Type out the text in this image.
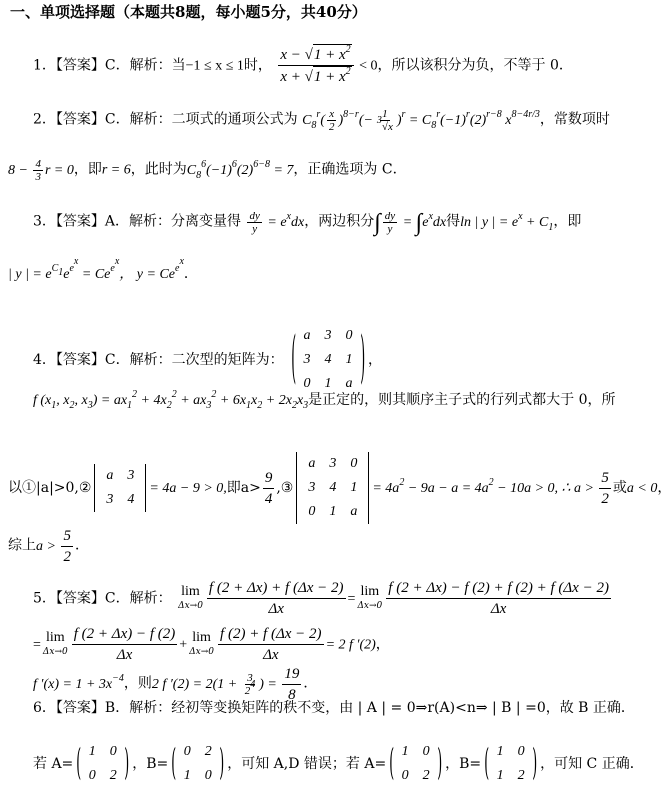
一、单项选择题（本题共8题，每小题5分，共40分）
1．【答案】C．解析：当−1 ≤ x ≤ 1时， $\frac{x - √1 + x^2}{x + √1 + x^2} < 0$，所以该积分为负，不等于 0．
2．【答案】C．解析：二项式的通项公式为 $C_8^r( \frac{x}{2} )^{8-r}(- \frac{1}{^3√x} )^r = C_8^r(-1)^r(2)^{r-8}$ $x^{8-4r/3}$，常数项时
$8 - \frac{4}{3}$ r = 0，即r = 6，此时为$C_8^6(-1)^6(2)^{6-8} = 7$，正确选项为 C．
3．【答案】A．解析：分离变量得 $\frac{dy}{y} = e^xdx$，两边积分∫ $\frac{dy}{y} = \int e^xdx$得ln | y | = $e^x + C_1$，即
| y | = $e^{C_1}e^{e^x} = Ce^{e^x}$， $y = Ce^{e^x}$．
4．【答案】C．解析：二次型的矩阵为： ( a	3	0
3	4	1
0	1	a ) ，
f ($x_1$, $x_2$, $x_3) = ax_1^2 + 4x_2^2 + ax_3^2 + 6x_1x_2 + 2x_2x_3$是正定的，则其顺序主子式的行列式都大于 0，所
以①|a|>0,②
a	3
3	4
= 4a − 9 > 0,即$a> \frac{9}{4}$ ,③
a	3	0
3	4	1
0	1	a
= $4a^2 - 9a - a = 4a^2 - 10a > 0$, ∴ $a > \frac{5}{2}$ 或a < 0，
综上$a > \frac{5}{2}$ ．
5．【答案】C．解析： lim
$\Delta x\to 0 \frac{f (2 + \Delta x) + f (\Delta x - 2)}{\Delta x}$ =
lim
$\Delta x\to 0 \frac{f (2 + \Delta x) - f (2) + f (2) + f (\Delta x - 2)}{\Delta x}$
=
lim
$\Delta x\to 0 \frac{f (2 + \Delta x) - f (2)}{\Delta x}$ +
lim
$\Delta x\to 0 \frac{f (2) + f (\Delta x - 2)}{\Delta x} = 2$ f ′(2)，
f $'(x) = 1 + 3x^{-4}$，则2 f $'(2) = 2(1 + \frac{3}{2^4}$ ) = $\frac{19}{8}$ ．
6．【答案】B．解析：经初等变换矩阵的秩不变，由 | A | = 0⇒r(A)<n⇒ | B | =0，故 B 正确．
若 A= ( 1	0
0	2 ) ，B= ( 0	2
1	0 ) ，可知 A,D 错误；若 A= ( 1	0
0	2 ) ，B= ( 1	0
1	2 ) ，可知 C 正确．
